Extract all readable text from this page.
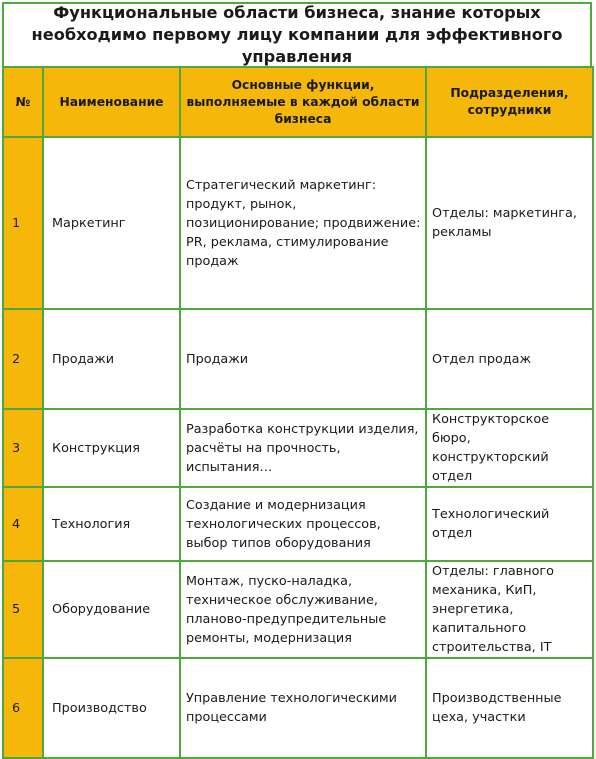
Функциональные области бизнеса, знание которых необходимо первому лицу компании для эффективного управления
№	Наименование	Основные функции, выполняемые в каждой области бизнеса	Подразделения, сотрудники
1	Маркетинг	Стратегический маркетинг: продукт, рынок, позиционирование; продвижение: PR, реклама, стимулирование продаж	Отделы: маркетинга, рекламы
2	Продажи	Продажи	Отдел продаж
3	Конструкция	Разработка конструкции изделия, расчёты на прочность, испытания…	Конструкторское бюро, конструкторский отдел
4	Технология	Создание и модернизация технологических процессов, выбор типов оборудования	Технологический отдел
5	Оборудование	Монтаж, пуско-наладка, техническое обслуживание, планово-предупредительные ремонты, модернизация	Отделы: главного механика, КиП, энергетика, капитального строительства, IT
6	Производство	Управление технологическими процессами	Производственные цеха, участки
